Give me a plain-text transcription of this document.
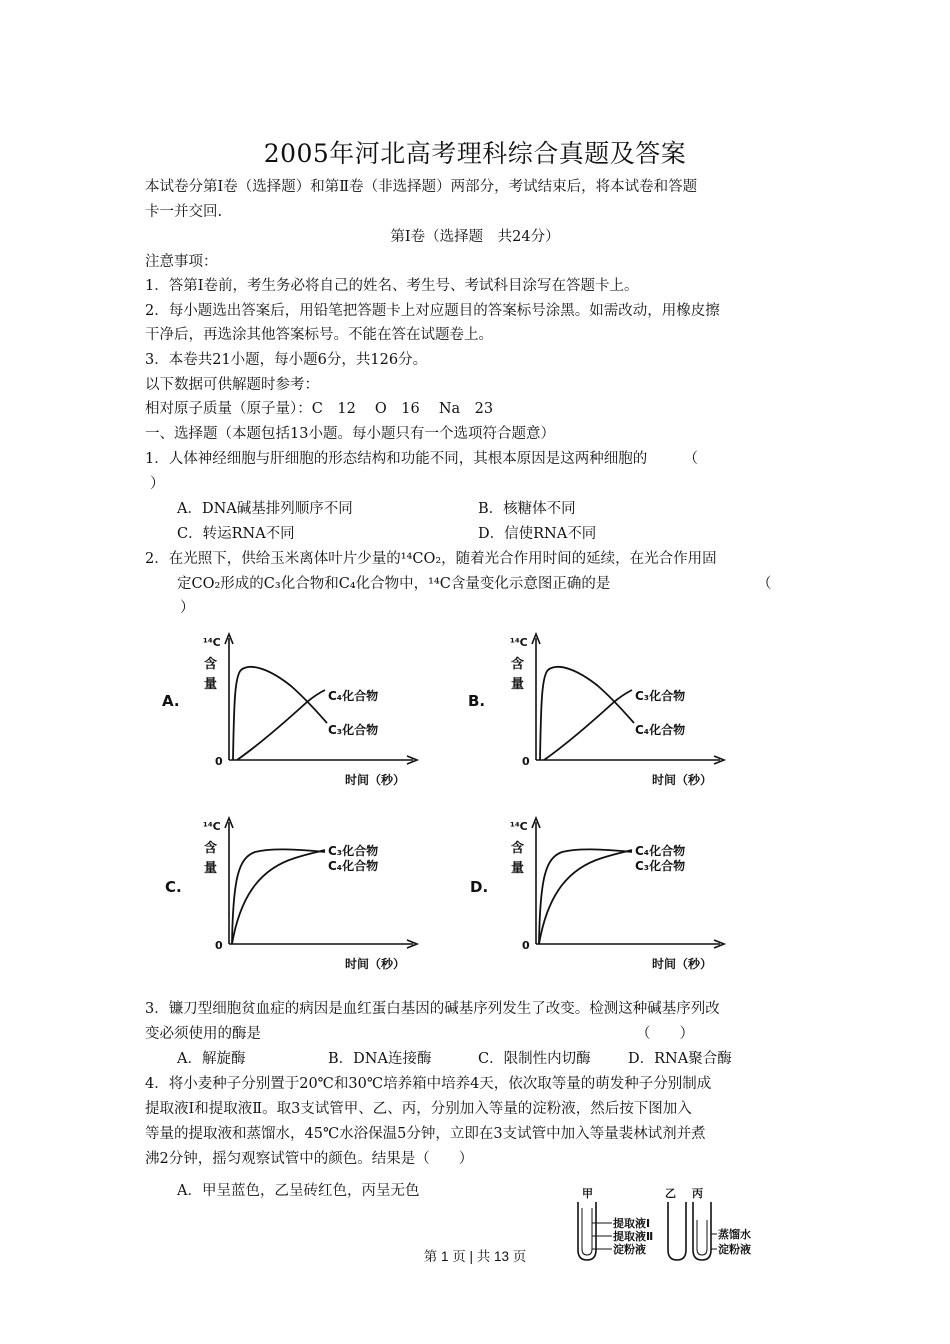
2005年河北高考理科综合真题及答案
本试卷分第Ⅰ卷（选择题）和第Ⅱ卷（非选择题）两部分，考试结束后，将本试卷和答题
卡一并交回.
第Ⅰ卷（选择题　共24分）
注意事项：
1．答第Ⅰ卷前，考生务必将自己的姓名、考生号、考试科目涂写在答题卡上。
2．每小题选出答案后，用铅笔把答题卡上对应题目的答案标号涂黑。如需改动，用橡皮擦
干净后，再选涂其他答案标号。不能在答在试题卷上。
3．本卷共21小题，每小题6分，共126分。
以下数据可供解题时参考：
相对原子质量（原子量）：C　12　 O　16　 Na　23
一、选择题（本题包括13小题。每小题只有一个选项符合题意）
1．人体神经细胞与肝细胞的形态结构和功能不同，其根本原因是这两种细胞的　　　（
）
A．DNA碱基排列顺序不同	B．核糖体不同
C．转运RNA不同	D．信使RNA不同
2．在光照下，供给玉米离体叶片少量的¹⁴CO₂，随着光合作用时间的延续，在光合作用固
定CO₂形成的C₃化合物和C₄化合物中，¹⁴C含量变化示意图正确的是	（
）
A.	B.
C.	D.
¹⁴C
含
量
0
时间（秒）
C₄化合物
C₃化合物
¹⁴C
含
量
0
时间（秒）
C₃化合物
C₄化合物
¹⁴C
含
量
0
时间（秒）
C₃化合物
C₄化合物
¹⁴C
含
量
0
时间（秒）
C₄化合物
C₃化合物
3．镰刀型细胞贫血症的病因是血红蛋白基因的碱基序列发生了改变。检测这种碱基序列改
变必须使用的酶是	（　　）
A．解旋酶	B．DNA连接酶	C．限制性内切酶	D．RNA聚合酶
4．将小麦种子分别置于20℃和30℃培养箱中培养4天，依次取等量的萌发种子分别制成
提取液Ⅰ和提取液Ⅱ。取3支试管甲、乙、丙，分别加入等量的淀粉液，然后按下图加入
等量的提取液和蒸馏水，45℃水浴保温5分钟，立即在3支试管中加入等量裴林试剂并煮
沸2分钟，摇匀观察试管中的颜色。结果是（　　）
A．甲呈蓝色，乙呈砖红色，丙呈无色	甲	乙 丙
提取液Ⅰ
提取液Ⅱ
淀粉液
蒸馏水
淀粉液
第 1 页 | 共 13 页
